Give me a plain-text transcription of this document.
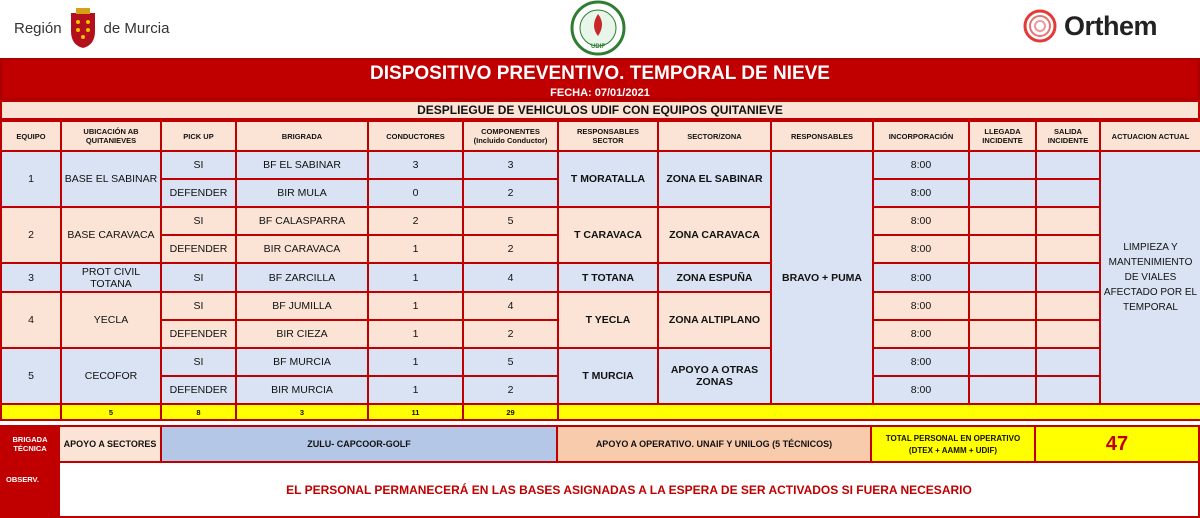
Región	de Murcia
UDIF
Orthem
DISPOSITIVO PREVENTIVO. TEMPORAL DE NIEVE
FECHA: 07/01/2021
DESPLIEGUE DE VEHICULOS UDIF CON EQUIPOS QUITANIEVE
EQUIPO	UBICACIÓN AB QUITANIEVES	PICK UP	BRIGRADA	CONDUCTORES	COMPONENTES (Incluido Conductor)	RESPONSABLES SECTOR	SECTOR/ZONA	RESPONSABLES	INCORPORACIÓN	LLEGADA INCIDENTE	SALIDA INCIDENTE	ACTUACION ACTUAL
1	BASE EL SABINAR	SI	BF EL SABINAR	3	3	T MORATALLA	ZONA EL SABINAR	BRAVO + PUMA	8:00			LIMPIEZA Y MANTENIMIENTO DE VIALES AFECTADO POR EL TEMPORAL
		DEFENDER	BIR MULA	0	2				8:00			
2	BASE CARAVACA	SI	BF CALASPARRA	2	5	T CARAVACA	ZONA CARAVACA		8:00			
		DEFENDER	BIR CARAVACA	1	2				8:00			
3	PROT CIVIL TOTANA	SI	BF ZARCILLA	1	4	T TOTANA	ZONA ESPUÑA		8:00			
4	YECLA	SI	BF JUMILLA	1	4	T YECLA	ZONA ALTIPLANO		8:00			
		DEFENDER	BIR CIEZA	1	2				8:00			
5	CECOFOR	SI	BF MURCIA	1	5	T MURCIA	APOYO A OTRAS ZONAS		8:00			
		DEFENDER	BIR MURCIA	1	2				8:00			
	5	8	3	11	29							
BRIGADA TÉCNICA	APOYO A SECTORES	ZULU- CAPCOOR-GOLF	APOYO A OPERATIVO. UNAIF Y UNILOG (5 TÉCNICOS)
TOTAL PERSONAL EN OPERATIVO
(DTEX + AAMM + UDIF)	47
OBSERV.
EL PERSONAL PERMANECERÁ EN LAS BASES ASIGNADAS A LA ESPERA DE SER ACTIVADOS SI FUERA NECESARIO
